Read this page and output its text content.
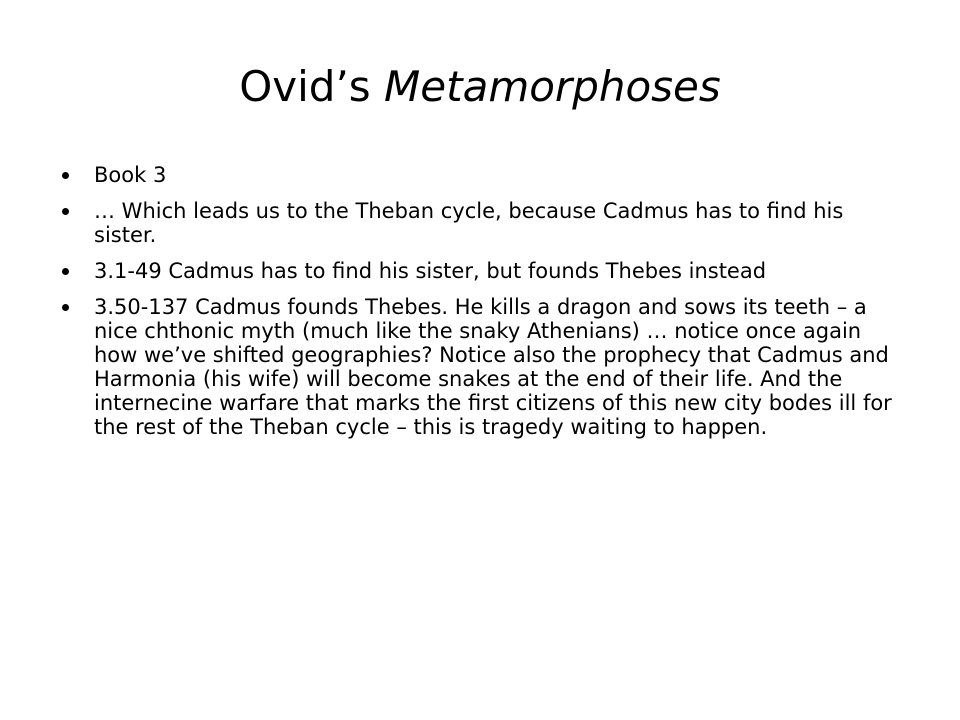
Ovid’s Metamorphoses
Book 3
… Which leads us to the Theban cycle, because Cadmus has to find his sister.
3.1-49 Cadmus has to find his sister, but founds Thebes instead
3.50-137 Cadmus founds Thebes. He kills a dragon and sows its teeth – a nice chthonic myth (much like the snaky Athenians) … notice once again how we’ve shifted geographies? Notice also the prophecy that Cadmus and Harmonia (his wife) will become snakes at the end of their life. And the internecine warfare that marks the first citizens of this new city bodes ill for the rest of the Theban cycle – this is tragedy waiting to happen.
